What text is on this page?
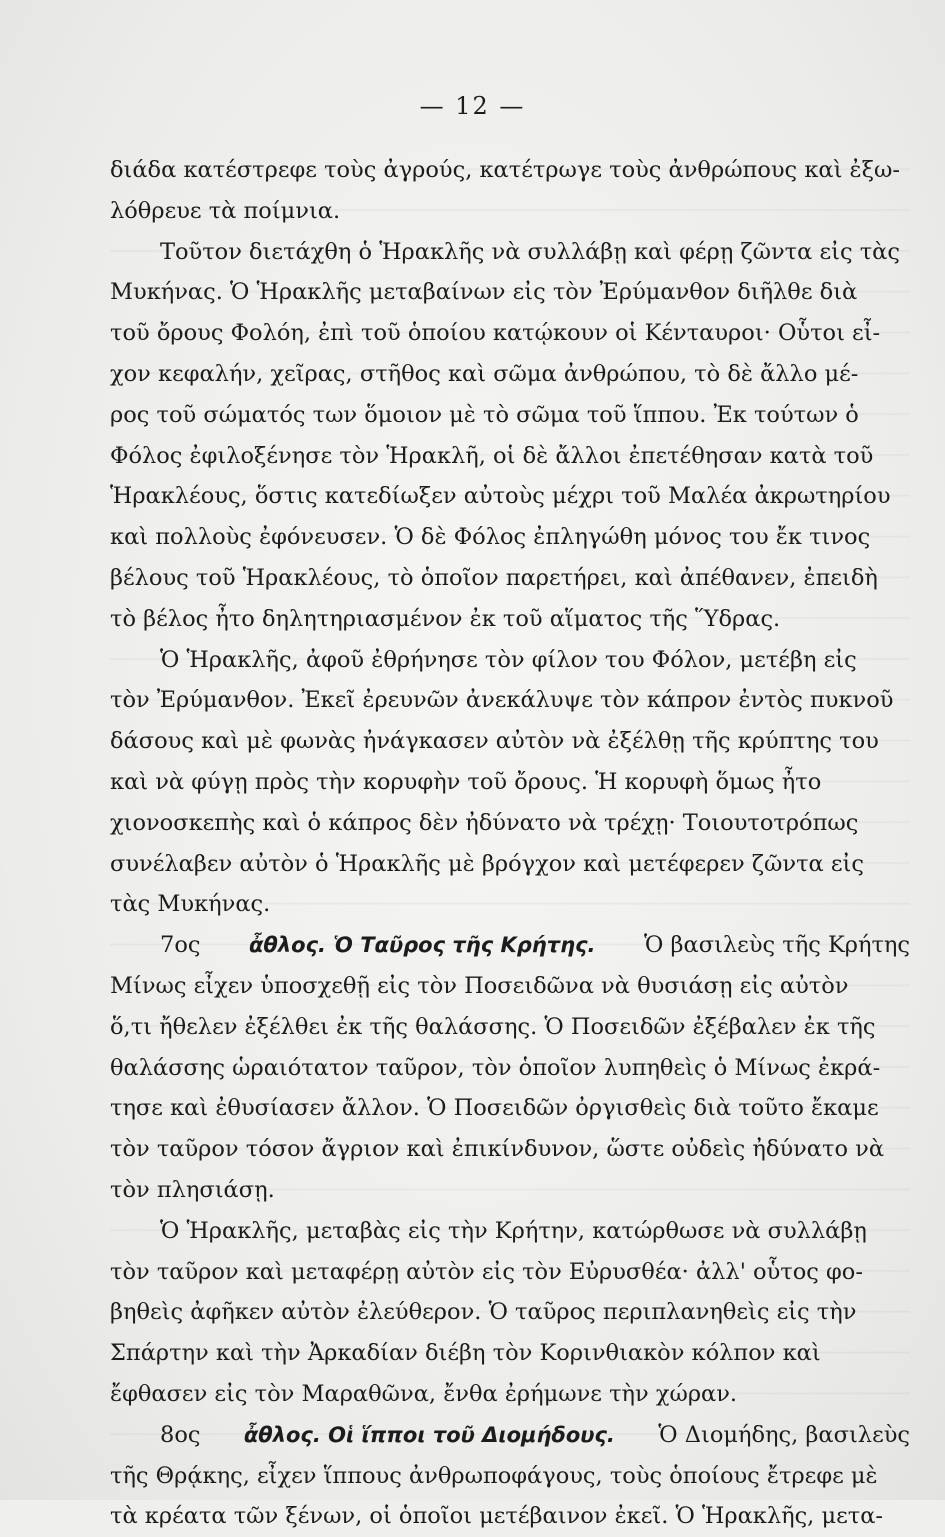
— 12 —
διάδα κατέστρεφε τοὺς ἀγρούς, κατέτρωγε τοὺς ἀνθρώπους καὶ ἐξω-
λόθρευε τὰ ποίμνια.
Τοῦτον διετάχθη ὁ Ἡρακλῆς νὰ συλλάβῃ καὶ φέρῃ ζῶντα εἰς τὰς
Μυκήνας. Ὁ Ἡρακλῆς μεταβαίνων εἰς τὸν Ἐρύμανθον διῆλθε διὰ
τοῦ ὄρους Φολόη, ἐπὶ τοῦ ὁποίου κατῴκουν οἱ Κένταυροι· Οὗτοι εἶ-
χον κεφαλήν, χεῖρας, στῆθος καὶ σῶμα ἀνθρώπου, τὸ δὲ ἄλλο μέ-
ρος τοῦ σώματός των ὅμοιον μὲ τὸ σῶμα τοῦ ἵππου. Ἐκ τούτων ὁ
Φόλος ἐφιλοξένησε τὸν Ἡρακλῆ, οἱ δὲ ἄλλοι ἐπετέθησαν κατὰ τοῦ
Ἡρακλέους, ὅστις κατεδίωξεν αὐτοὺς μέχρι τοῦ Μαλέα ἀκρωτηρίου
καὶ πολλοὺς ἐφόνευσεν. Ὁ δὲ Φόλος ἐπληγώθη μόνος του ἔκ τινος
βέλους τοῦ Ἡρακλέους, τὸ ὁποῖον παρετήρει, καὶ ἀπέθανεν, ἐπειδὴ
τὸ βέλος ἦτο δηλητηριασμένον ἐκ τοῦ αἵματος τῆς Ὕδρας.
Ὁ Ἡρακλῆς, ἀφοῦ ἐθρήνησε τὸν φίλον του Φόλον, μετέβη εἰς
τὸν Ἐρύμανθον. Ἐκεῖ ἐρευνῶν ἀνεκάλυψε τὸν κάπρον ἐντὸς πυκνοῦ
δάσους καὶ μὲ φωνὰς ἠνάγκασεν αὐτὸν νὰ ἐξέλθῃ τῆς κρύπτης του
καὶ νὰ φύγῃ πρὸς τὴν κορυφὴν τοῦ ὄρους. Ἡ κορυφὴ ὅμως ἦτο
χιονοσκεπὴς καὶ ὁ κάπρος δὲν ἠδύνατο νὰ τρέχῃ· Τοιουτοτρόπως
συνέλαβεν αὐτὸν ὁ Ἡρακλῆς μὲ βρόγχον καὶ μετέφερεν ζῶντα εἰς
τὰς Μυκήνας.
7ος ἆθλος. Ὁ Ταῦρος τῆς Κρήτης. Ὁ βασιλεὺς τῆς Κρήτης
Μίνως εἶχεν ὑποσχεθῇ εἰς τὸν Ποσειδῶνα νὰ θυσιάσῃ εἰς αὐτὸν
ὅ,τι ἤθελεν ἐξέλθει ἐκ τῆς θαλάσσης. Ὁ Ποσειδῶν ἐξέβαλεν ἐκ τῆς
θαλάσσης ὡραιότατον ταῦρον, τὸν ὁποῖον λυπηθεὶς ὁ Μίνως ἐκρά-
τησε καὶ ἐθυσίασεν ἄλλον. Ὁ Ποσειδῶν ὀργισθεὶς διὰ τοῦτο ἔκαμε
τὸν ταῦρον τόσον ἄγριον καὶ ἐπικίνδυνον, ὥστε οὐδεὶς ἠδύνατο νὰ
τὸν πλησιάσῃ.
Ὁ Ἡρακλῆς, μεταβὰς εἰς τὴν Κρήτην, κατώρθωσε νὰ συλλάβῃ
τὸν ταῦρον καὶ μεταφέρῃ αὐτὸν εἰς τὸν Εὐρυσθέα· ἀλλ' οὗτος φο-
βηθεὶς ἀφῆκεν αὐτὸν ἐλεύθερον. Ὁ ταῦρος περιπλανηθεὶς εἰς τὴν
Σπάρτην καὶ τὴν Ἀρκαδίαν διέβη τὸν Κορινθιακὸν κόλπον καὶ
ἔφθασεν εἰς τὸν Μαραθῶνα, ἔνθα ἐρήμωνε τὴν χώραν.
8ος ἆθλος. Οἱ ἵπποι τοῦ Διομήδους. Ὁ Διομήδης, βασιλεὺς
τῆς Θρᾴκης, εἶχεν ἵππους ἀνθρωποφάγους, τοὺς ὁποίους ἔτρεφε μὲ
τὰ κρέατα τῶν ξένων, οἱ ὁποῖοι μετέβαινον ἐκεῖ. Ὁ Ἡρακλῆς, μετα-
